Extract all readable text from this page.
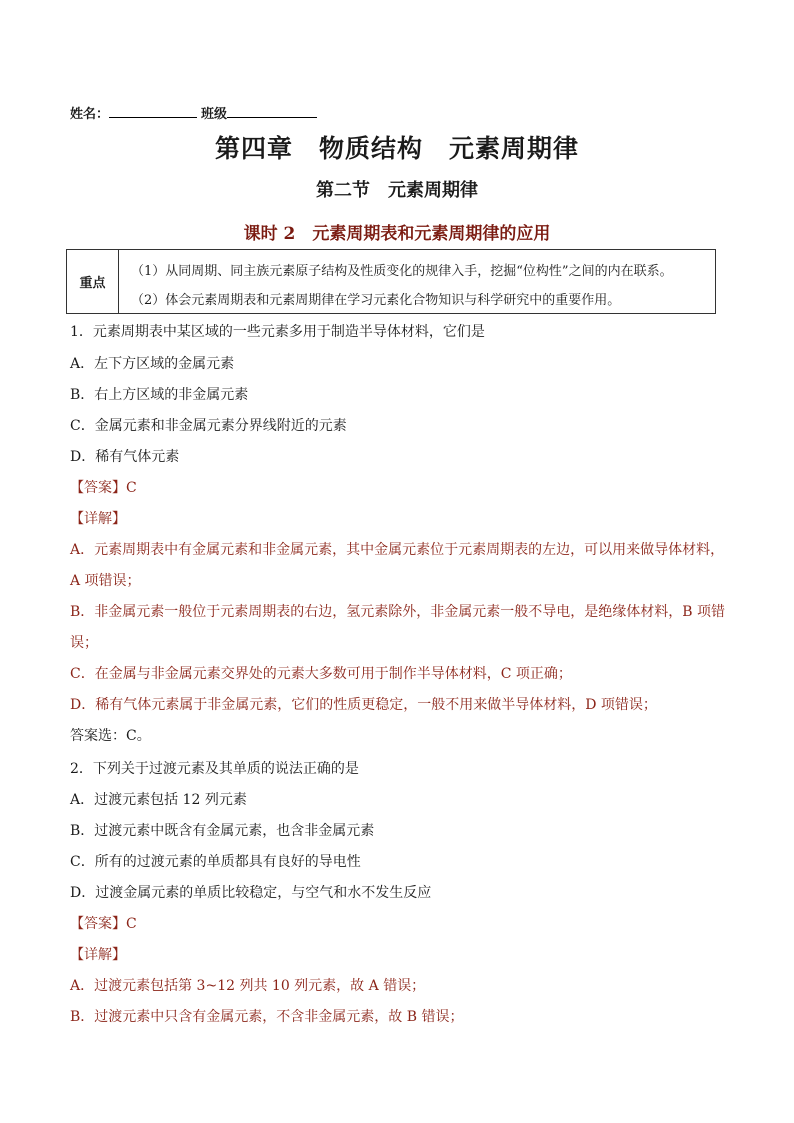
姓名：	班级
第四章　物质结构　元素周期律
第二节　元素周期律
课时 2　元素周期表和元素周期律的应用
重点
（1）从同周期、同主族元素原子结构及性质变化的规律入手，挖掘“位构性”之间的内在联系。
（2）体会元素周期表和元素周期律在学习元素化合物知识与科学研究中的重要作用。
1．元素周期表中某区域的一些元素多用于制造半导体材料，它们是
A．左下方区域的金属元素
B．右上方区域的非金属元素
C．金属元素和非金属元素分界线附近的元素
D．稀有气体元素
【答案】C
【详解】
A．元素周期表中有金属元素和非金属元素，其中金属元素位于元素周期表的左边，可以用来做导体材料，
A 项错误；
B．非金属元素一般位于元素周期表的右边，氢元素除外，非金属元素一般不导电，是绝缘体材料，B 项错
误；
C．在金属与非金属元素交界处的元素大多数可用于制作半导体材料，C 项正确；
D．稀有气体元素属于非金属元素，它们的性质更稳定，一般不用来做半导体材料，D 项错误；
答案选：C。
2．下列关于过渡元素及其单质的说法正确的是
A．过渡元素包括 12 列元素
B．过渡元素中既含有金属元素，也含非金属元素
C．所有的过渡元素的单质都具有良好的导电性
D．过渡金属元素的单质比较稳定，与空气和水不发生反应
【答案】C
【详解】
A．过渡元素包括第 3~12 列共 10 列元素，故 A 错误；
B．过渡元素中只含有金属元素，不含非金属元素，故 B 错误；
